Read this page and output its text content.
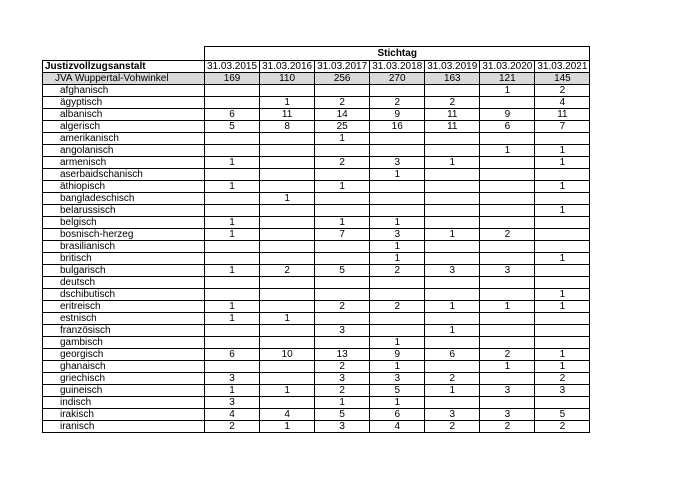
	Stichtag						
Justizvollzugsanstalt	31.03.2015	31.03.2016	31.03.2017	31.03.2018	31.03.2019	31.03.2020	31.03.2021
JVA Wuppertal-Vohwinkel	169	110	256	270	163	121	145
afghanisch						1	2
ägyptisch		1	2	2	2		4
albanisch	6	11	14	9	11	9	11
algerisch	5	8	25	16	11	6	7
amerikanisch			1				
angolanisch						1	1
armenisch	1		2	3	1		1
aserbaidschanisch				1			
äthiopisch	1		1				1
bangladeschisch		1					
belarussisch							1
belgisch	1		1	1			
bosnisch-herzeg	1		7	3	1	2	
brasilianisch				1			
britisch				1			1
bulgarisch	1	2	5	2	3	3	
deutsch							
dschibutisch							1
eritreisch	1		2	2	1	1	1
estnisch	1	1					
französisch			3		1		
gambisch				1			
georgisch	6	10	13	9	6	2	1
ghanaisch			2	1		1	1
griechisch	3		3	3	2		2
guineisch	1	1	2	5	1	3	3
indisch	3		1	1			
irakisch	4	4	5	6	3	3	5
iranisch	2	1	3	4	2	2	2
